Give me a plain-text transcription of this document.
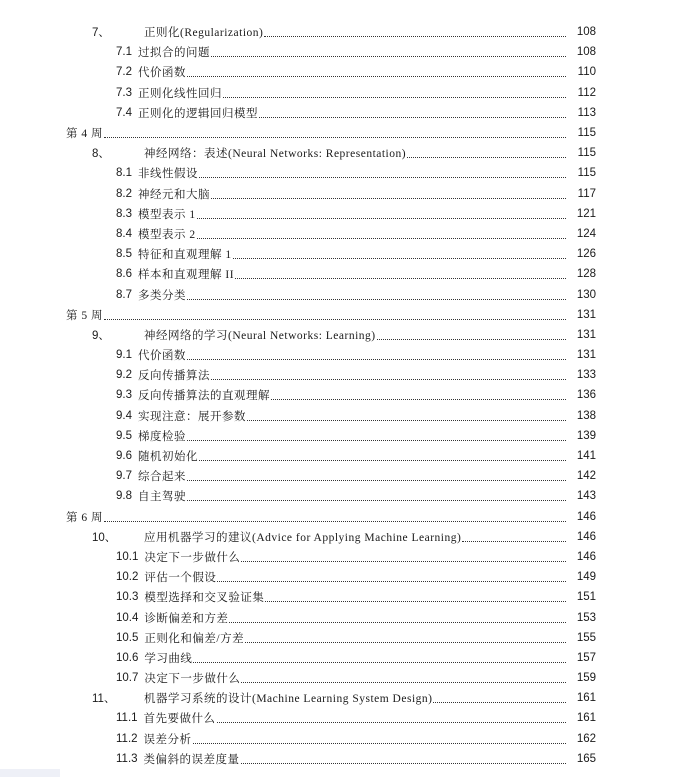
7、	正则化(Regularization)	108
7.1 过拟合的问题	108
7.2 代价函数	110
7.3 正则化线性回归	112
7.4 正则化的逻辑回归模型	113
第 4 周	115
8、	神经网络：表述(Neural Networks: Representation)	115
8.1 非线性假设	115
8.2 神经元和大脑	117
8.3 模型表示 1	121
8.4 模型表示 2	124
8.5 特征和直观理解 1	126
8.6 样本和直观理解 II	128
8.7 多类分类	130
第 5 周	131
9、	神经网络的学习(Neural Networks: Learning)	131
9.1 代价函数	131
9.2 反向传播算法	133
9.3 反向传播算法的直观理解	136
9.4 实现注意：展开参数	138
9.5 梯度检验	139
9.6 随机初始化	141
9.7 综合起来	142
9.8 自主驾驶	143
第 6 周	146
10、	应用机器学习的建议(Advice for Applying Machine Learning)	146
10.1 决定下一步做什么	146
10.2 评估一个假设	149
10.3 模型选择和交叉验证集	151
10.4 诊断偏差和方差	153
10.5 正则化和偏差/方差	155
10.6 学习曲线	157
10.7 决定下一步做什么	159
11、	机器学习系统的设计(Machine Learning System Design)	161
11.1 首先要做什么	161
11.2 误差分析	162
11.3 类偏斜的误差度量	165
